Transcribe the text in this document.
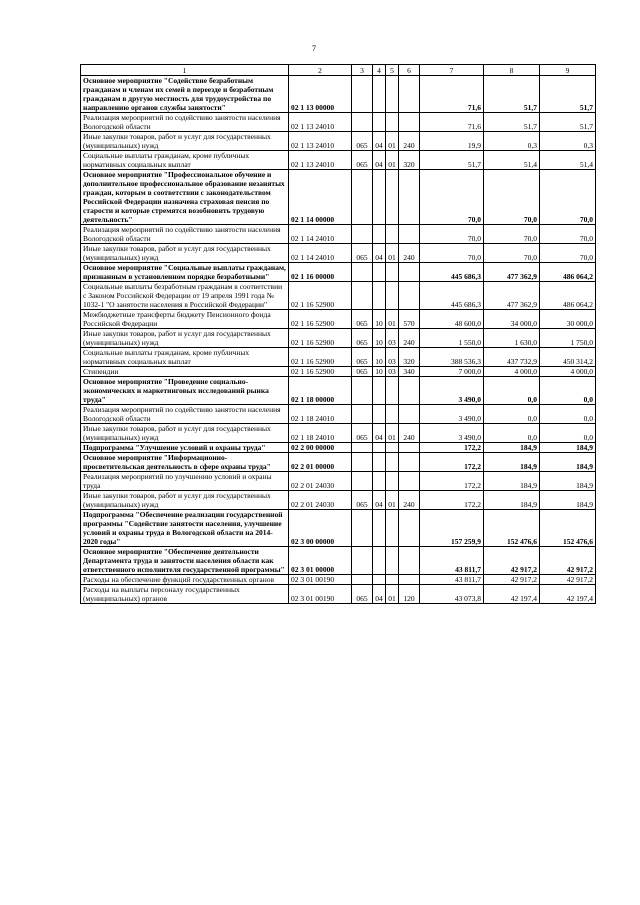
7
1	2	3	4	5	6	7	8	9
Основное мероприятие "Содействие безработным гражданам и членам их семей в переезде и безработным гражданам в другую местность для трудоустройства по направлению органов службы занятости"	02 1 13 00000					71,6	51,7	51,7
Реализация мероприятий по содействию занятости населения Вологодской области	02 1 13 24010					71,6	51,7	51,7
Иные закупки товаров, работ и услуг для государственных (муниципальных) нужд	02 1 13 24010	065	04	01	240	19,9	0,3	0,3
Социальные выплаты гражданам, кроме публичных нормативных социальных выплат	02 1 13 24010	065	04	01	320	51,7	51,4	51,4
Основное мероприятие "Профессиональное обучение и дополнительное профессиональное образование незанятых граждан, которым в соответствии с законодательством Российской Федерации назначена страховая пенсия по старости и которые стремятся возобновить трудовую деятельность"	02 1 14 00000					70,0	70,0	70,0
Реализация мероприятий по содействию занятости населения Вологодской области	02 1 14 24010					70,0	70,0	70,0
Иные закупки товаров, работ и услуг для государственных (муниципальных) нужд	02 1 14 24010	065	04	01	240	70,0	70,0	70,0
Основное мероприятие "Социальные выплаты гражданам, признанным в установленном порядке безработными"	02 1 16 00000					445 686,3	477 362,9	486 064,2
Социальные выплаты безработным гражданам в соответствии с Законом Российской Федерации от 19 апреля 1991 года № 1032-1 "О занятости населения в Российской Федерации"	02 1 16 52900					445 686,3	477 362,9	486 064,2
Межбюджетные трансферты бюджету Пенсионного фонда Российской Федерации	02 1 16 52900	065	10	01	570	48 600,0	34 000,0	30 000,0
Иные закупки товаров, работ и услуг для государственных (муниципальных) нужд	02 1 16 52900	065	10	03	240	1 550,0	1 630,0	1 750,0
Социальные выплаты гражданам, кроме публичных нормативных социальных выплат	02 1 16 52900	065	10	03	320	388 536,3	437 732,9	450 314,2
Стипендии	02 1 16 52900	065	10	03	340	7 000,0	4 000,0	4 000,0
Основное мероприятие "Проведение социально-экономических и маркетинговых исследований рынка труда"	02 1 18 00000					3 490,0	0,0	0,0
Реализация мероприятий по содействию занятости населения Вологодской области	02 1 18 24010					3 490,0	0,0	0,0
Иные закупки товаров, работ и услуг для государственных (муниципальных) нужд	02 1 18 24010	065	04	01	240	3 490,0	0,0	0,0
Подпрограмма "Улучшение условий и охраны труда"	02 2 00 00000					172,2	184,9	184,9
Основное мероприятие "Информационно-просветительская деятельность в сфере охраны труда"	02 2 01 00000					172,2	184,9	184,9
Реализация мероприятий по улучшению условий и охраны труда	02 2 01 24030					172,2	184,9	184,9
Иные закупки товаров, работ и услуг для государственных (муниципальных) нужд	02 2 01 24030	065	04	01	240	172,2	184,9	184,9
Подпрограмма "Обеспечение реализации государственной программы "Содействие занятости населения, улучшение условий и охраны труда в Вологодской области на 2014-2020 годы"	02 3 00 00000					157 259,9	152 476,6	152 476,6
Основное мероприятие "Обеспечение деятельности Департамента труда и занятости населения области как ответственного исполнителя государственной программы"	02 3 01 00000					43 811,7	42 917,2	42 917,2
Расходы на обеспечение функций государственных органов	02 3 01 00190					43 811,7	42 917,2	42 917,2
Расходы на выплаты персоналу государственных (муниципальных) органов	02 3 01 00190	065	04	01	120	43 073,8	42 197,4	42 197,4
